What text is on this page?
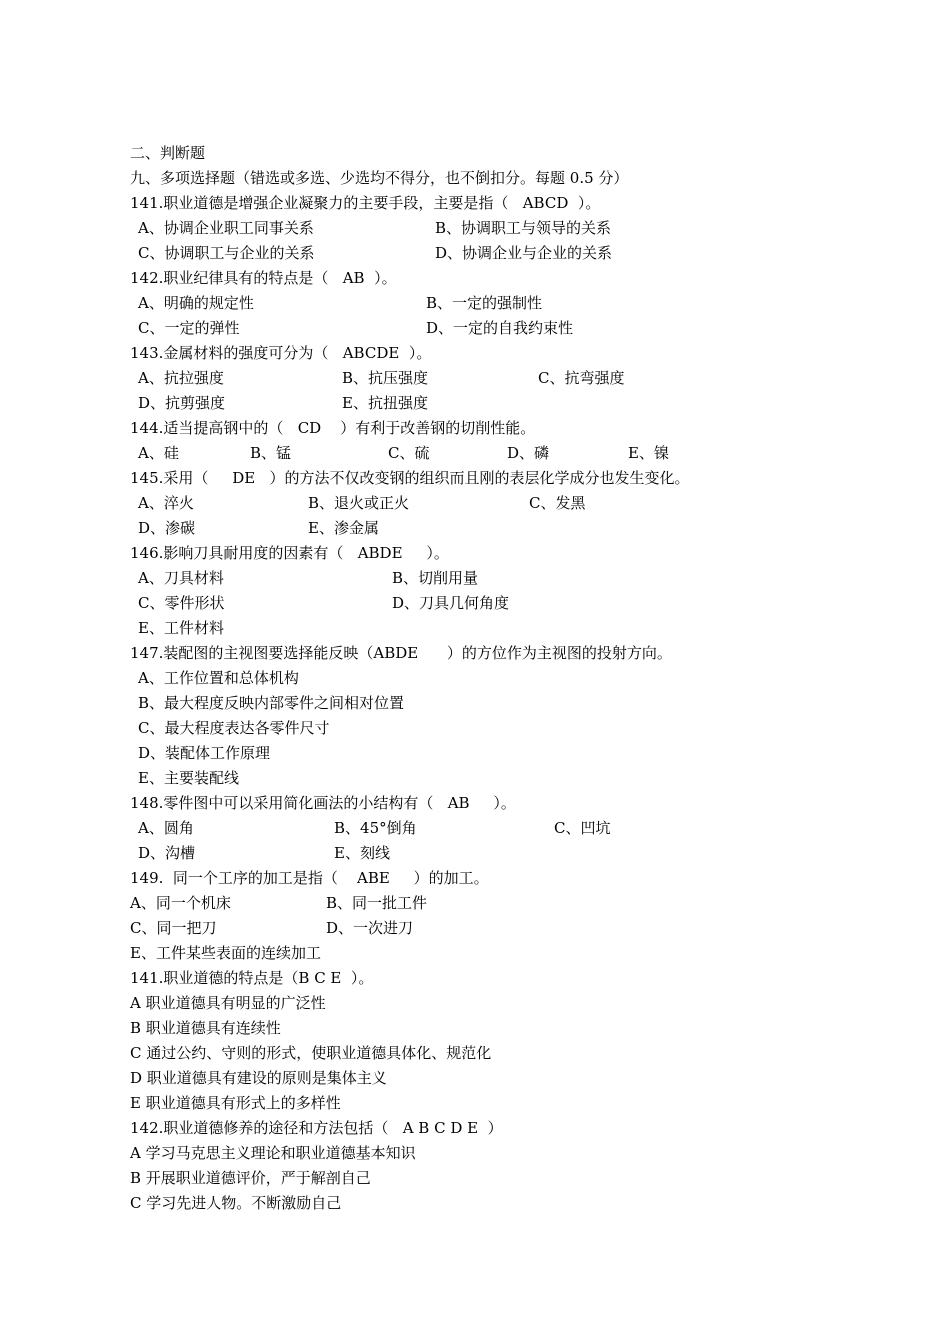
二、判断题
九、多项选择题（错选或多选、少选均不得分，也不倒扣分。每题 0.5 分）
141.职业道德是增强企业凝聚力的主要手段，主要是指（   ABCD  ）。

A、协调企业职工同事关系

	B、协调职工与领导的关系

C、协调职工与企业的关系

	D、协调企业与企业的关系

142.职业纪律具有的特点是（   AB  ）。

A、明确的规定性

	B、一定的强制性

C、一定的弹性

	D、一定的自我约束性

143.金属材料的强度可分为（   ABCDE  ）。

A、抗拉强度

	B、抗压强度

	C、抗弯强度

D、抗剪强度

	E、抗扭强度

144.适当提高钢中的（   CD    ）有利于改善钢的切削性能。

A、硅

	B、锰

	C、硫

	D、磷

	E、镍

145.采用（     DE   ）的方法不仅改变钢的组织而且刚的表层化学成分也发生变化。

A、淬火

	B、退火或正火

	C、发黑

D、渗碳

	E、渗金属

146.影响刀具耐用度的因素有（   ABDE     ）。

A、刀具材料

	B、切削用量

C、零件形状

	D、刀具几何角度

E、工件材料

147.装配图的主视图要选择能反映（ABDE      ）的方位作为主视图的投射方向。

A、工作位置和总体机构

B、最大程度反映内部零件之间相对位置

C、最大程度表达各零件尺寸

D、装配体工作原理

E、主要装配线

148.零件图中可以采用简化画法的小结构有（   AB     ）。

A、圆角

	B、45°倒角

	C、凹坑

D、沟槽

	E、刻线

149.  同一个工序的加工是指（    ABE     ）的加工。

A、同一个机床

	B、同一批工件

C、同一把刀

	D、一次进刀

E、工件某些表面的连续加工

141.职业道德的特点是（B C E  ）。
A 职业道德具有明显的广泛性
B 职业道德具有连续性
C 通过公约、守则的形式，使职业道德具体化、规范化
D 职业道德具有建设的原则是集体主义
E 职业道德具有形式上的多样性
142.职业道德修养的途径和方法包括（   A B C D E  ）
A 学习马克思主义理论和职业道德基本知识
B 开展职业道德评价，严于解剖自己
C 学习先进人物。不断激励自己
